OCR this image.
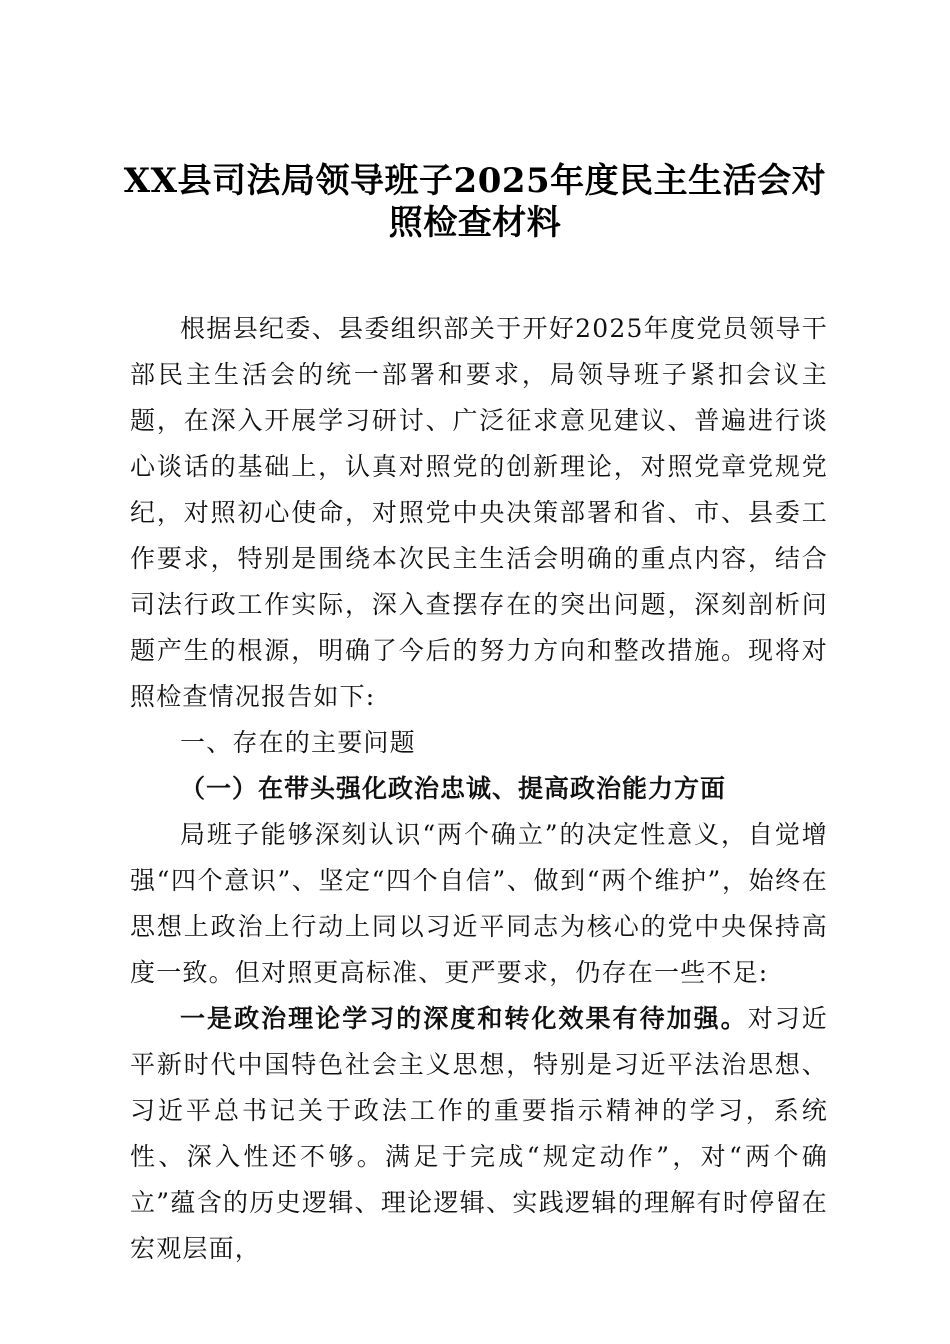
XX县司法局领导班子2025年度民主生活会对
照检查材料

根据县纪委、县委组织部关于开好2025年度党员领导干部民主生活会的统一部署和要求，局领导班子紧扣会议主题，在深入开展学习研讨、广泛征求意见建议、普遍进行谈心谈话的基础上，认真对照党的创新理论，对照党章党规党纪，对照初心使命，对照党中央决策部署和省、市、县委工作要求，特别是围绕本次民主生活会明确的重点内容，结合司法行政工作实际，深入查摆存在的突出问题，深刻剖析问题产生的根源，明确了今后的努力方向和整改措施。现将对照检查情况报告如下:

一、存在的主要问题

（一）在带头强化政治忠诚、提高政治能力方面

局班子能够深刻认识“两个确立”的决定性意义，自觉增强“四个意识”、坚定“四个自信”、做到“两个维护”，始终在思想上政治上行动上同以习近平同志为核心的党中央保持高度一致。但对照更高标准、更严要求，仍存在一些不足:

一是政治理论学习的深度和转化效果有待加强。对习近平新时代中国特色社会主义思想，特别是习近平法治思想、习近平总书记关于政法工作的重要指示精神的学习，系统性、深入性还不够。满足于完成“规定动作”，对“两个确立”蕴含的历史逻辑、理论逻辑、实践逻辑的理解有时停留在宏观层面，
